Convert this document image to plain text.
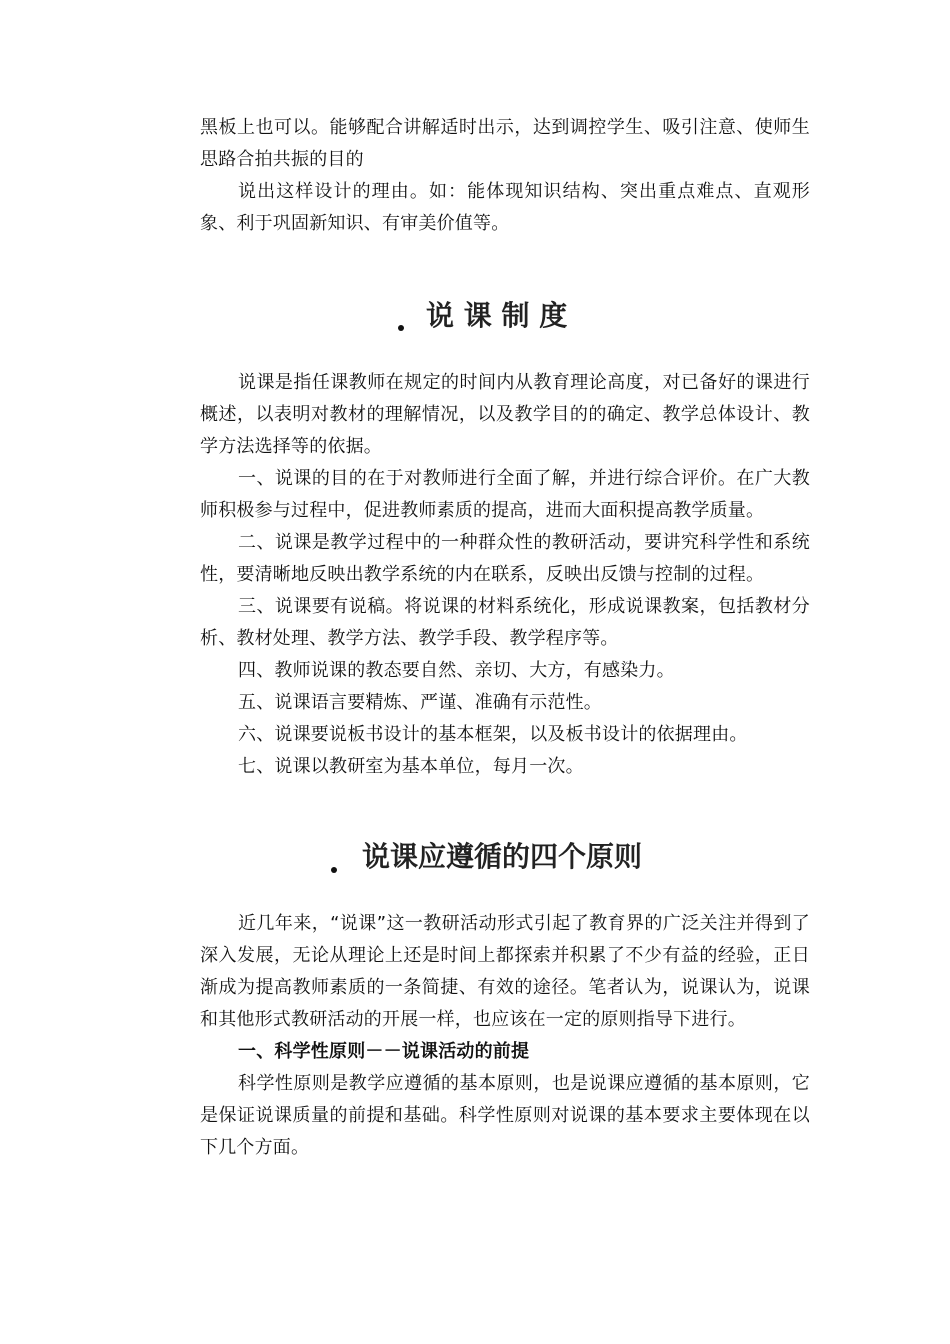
黑板上也可以。能够配合讲解适时出示，达到调控学生、吸引注意、使师生思路合拍共振的目的

说出这样设计的理由。如：能体现知识结构、突出重点难点、直观形象、利于巩固新知识、有审美价值等。

说 课 制 度

说课是指任课教师在规定的时间内从教育理论高度，对已备好的课进行概述，以表明对教材的理解情况，以及教学目的的确定、教学总体设计、教学方法选择等的依据。

一、说课的目的在于对教师进行全面了解，并进行综合评价。在广大教师积极参与过程中，促进教师素质的提高，进而大面积提高教学质量。

二、说课是教学过程中的一种群众性的教研活动，要讲究科学性和系统性，要清晰地反映出教学系统的内在联系，反映出反馈与控制的过程。

三、说课要有说稿。将说课的材料系统化，形成说课教案，包括教材分析、教材处理、教学方法、教学手段、教学程序等。

四、教师说课的教态要自然、亲切、大方，有感染力。

五、说课语言要精炼、严谨、准确有示范性。

六、说课要说板书设计的基本框架，以及板书设计的依据理由。

七、说课以教研室为基本单位，每月一次。

说课应遵循的四个原则

近几年来，“说课”这一教研活动形式引起了教育界的广泛关注并得到了深入发展，无论从理论上还是时间上都探索并积累了不少有益的经验，正日渐成为提高教师素质的一条简捷、有效的途径。笔者认为，说课认为，说课和其他形式教研活动的开展一样，也应该在一定的原则指导下进行。

一、科学性原则－－说课活动的前提

科学性原则是教学应遵循的基本原则，也是说课应遵循的基本原则，它是保证说课质量的前提和基础。科学性原则对说课的基本要求主要体现在以下几个方面。
